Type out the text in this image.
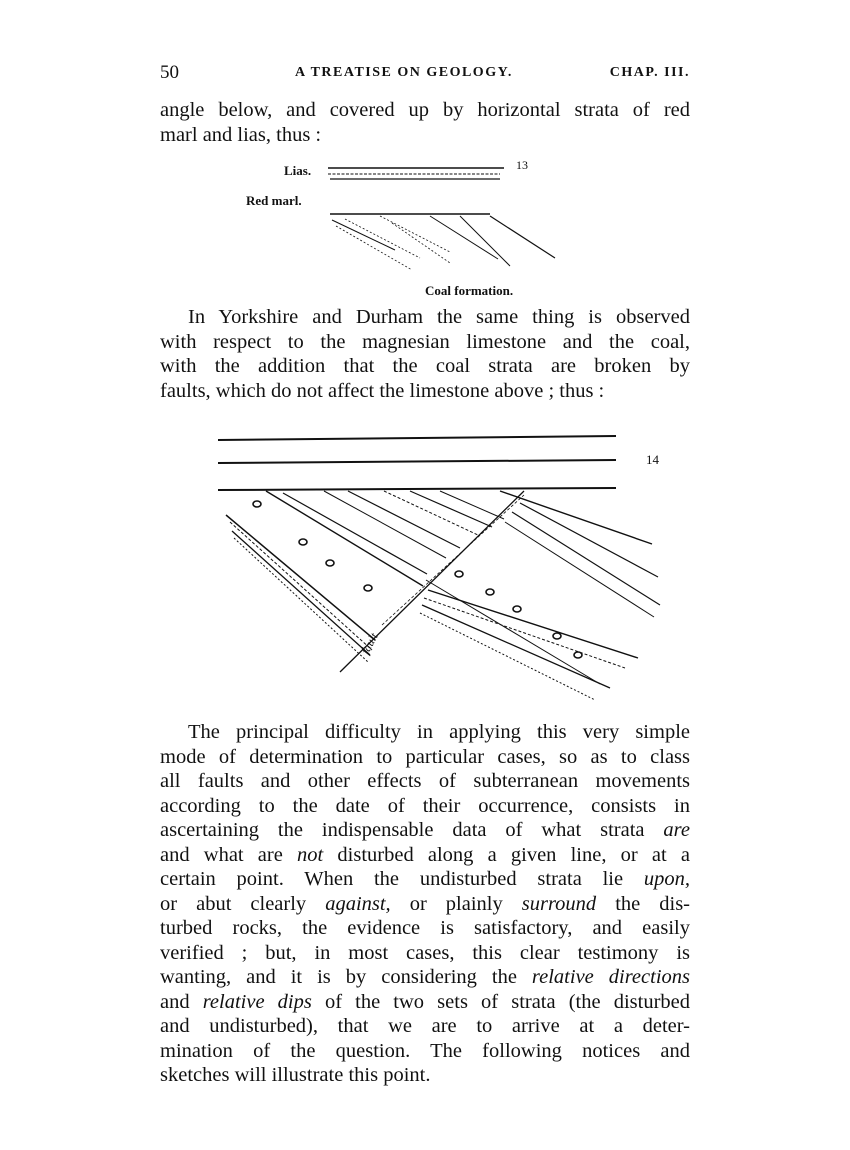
50	A TREATISE ON GEOLOGY.	CHAP. III.
angle below, and covered up by horizontal strata of red
marl and lias, thus :
Lias.	13
Red marl.
Coal formation.
In Yorkshire and Durham the same thing is observed
with respect to the magnesian limestone and the coal,
with the addition that the coal strata are broken by
faults, which do not affect the limestone above ; thus :
14
fault
The principal difficulty in applying this very simple
mode of determination to particular cases, so as to class
all faults and other effects of subterranean movements
according to the date of their occurrence, consists in
ascertaining the indispensable data of what strata are
and what are not disturbed along a given line, or at a
certain point. When the undisturbed strata lie upon,
or abut clearly against, or plainly surround the dis-
turbed rocks, the evidence is satisfactory, and easily
verified ; but, in most cases, this clear testimony is
wanting, and it is by considering the relative directions
and relative dips of the two sets of strata (the disturbed
and undisturbed), that we are to arrive at a deter-
mination of the question. The following notices and
sketches will illustrate this point.
